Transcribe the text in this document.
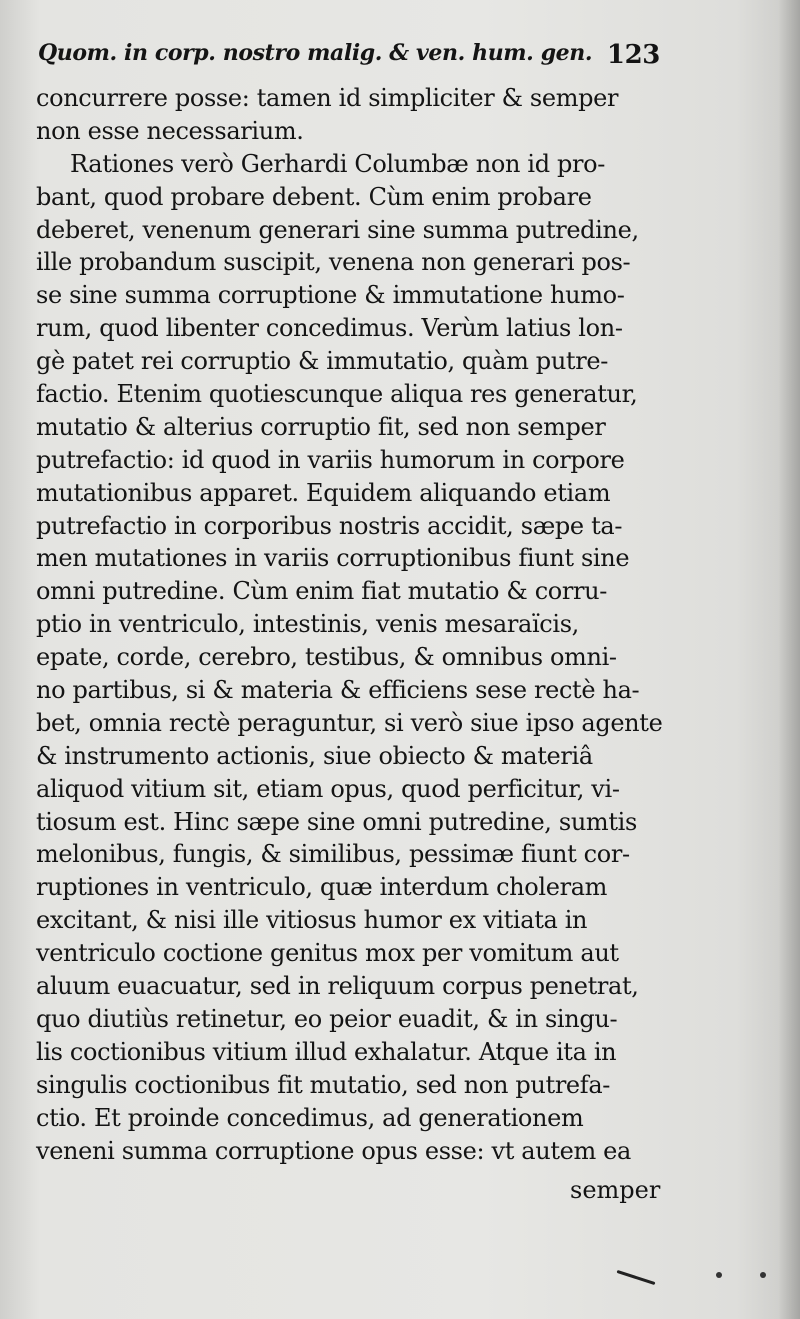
Quom. in corp. nostro malig. & ven. hum. gen. 123
concurrere posse: tamen id simpliciter & semper
non esse necessarium.
Rationes verò Gerhardi Columbæ non id pro-
bant, quod probare debent. Cùm enim probare
deberet, venenum generari sine summa putredine,
ille probandum suscipit, venena non generari pos-
se sine summa corruptione & immutatione humo-
rum, quod libenter concedimus. Verùm latius lon-
gè patet rei corruptio & immutatio, quàm putre-
factio. Etenim quotiescunque aliqua res generatur,
mutatio & alterius corruptio fit, sed non semper
putrefactio: id quod in variis humorum in corpore
mutationibus apparet. Equidem aliquando etiam
putrefactio in corporibus nostris accidit, sæpe ta-
men mutationes in variis corruptionibus fiunt sine
omni putredine. Cùm enim fiat mutatio & corru-
ptio in ventriculo, intestinis, venis mesaraïcis,
epate, corde, cerebro, testibus, & omnibus omni-
no partibus, si & materia & efficiens sese rectè ha-
bet, omnia rectè peraguntur, si verò siue ipso agente
& instrumento actionis, siue obiecto & materiâ
aliquod vitium sit, etiam opus, quod perficitur, vi-
tiosum est. Hinc sæpe sine omni putredine, sumtis
melonibus, fungis, & similibus, pessimæ fiunt cor-
ruptiones in ventriculo, quæ interdum choleram
excitant, & nisi ille vitiosus humor ex vitiata in
ventriculo coctione genitus mox per vomitum aut
aluum euacuatur, sed in reliquum corpus penetrat,
quo diutiùs retinetur, eo peior euadit, & in singu-
lis coctionibus vitium illud exhalatur. Atque ita in
singulis coctionibus fit mutatio, sed non putrefa-
ctio. Et proinde concedimus, ad generationem
veneni summa corruptione opus esse: vt autem ea
semper
